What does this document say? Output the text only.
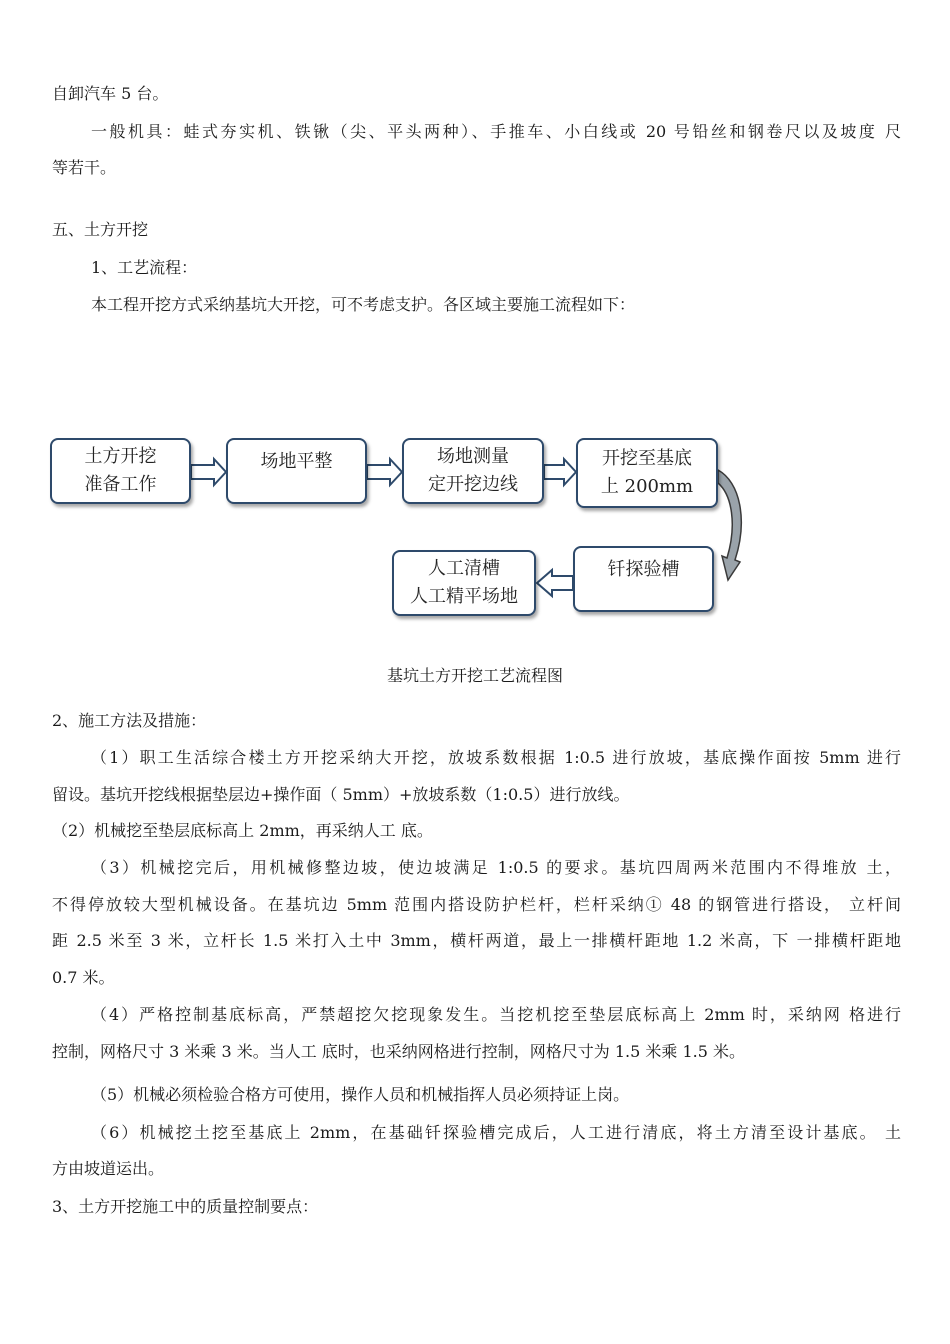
自卸汽车 5 台。
一般机具：蛙式夯实机、铁锹（尖、平头两种）、手推车、小白线或 20 号铅丝和钢卷尺以及坡度 尺
等若干。
五、土方开挖
1、工艺流程：
本工程开挖方式采纳基坑大开挖，可不考虑支护。各区域主要施工流程如下：
土方开挖
准备工作
场地平整	场地测量
定开挖边线
开挖至基底
上 200mm
钎探验槽
人工清槽
人工精平场地
基坑土方开挖工艺流程图
2、施工方法及措施：
（1）职工生活综合楼土方开挖采纳大开挖，放坡系数根据 1:0.5 进行放坡，基底操作面按 5mm 进行
留设。基坑开挖线根据垫层边+操作面（ 5mm）+放坡系数（1:0.5）进行放线。
（2）机械挖至垫层底标高上 2mm，再采纳人工 底。
（3）机械挖完后，用机械修整边坡，使边坡满足 1:0.5 的要求。基坑四周两米范围内不得堆放 土，
不得停放较大型机械设备。在基坑边 5mm 范围内搭设防护栏杆，栏杆采纳① 48 的钢管进行搭设， 立杆间
距 2.5 米至 3 米，立杆长 1.5 米打入土中 3mm，横杆两道，最上一排横杆距地 1.2 米高，下 一排横杆距地
0.7 米。
（4）严格控制基底标高，严禁超挖欠挖现象发生。当挖机挖至垫层底标高上 2mm 时，采纳网 格进行
控制，网格尺寸 3 米乘 3 米。当人工 底时，也采纳网格进行控制，网格尺寸为 1.5 米乘 1.5 米。
（5）机械必须检验合格方可使用，操作人员和机械指挥人员必须持证上岗。
（6）机械挖土挖至基底上 2mm，在基础钎探验槽完成后，人工进行清底，将土方清至设计基底。 土
方由坡道运出。
3、土方开挖施工中的质量控制要点：
